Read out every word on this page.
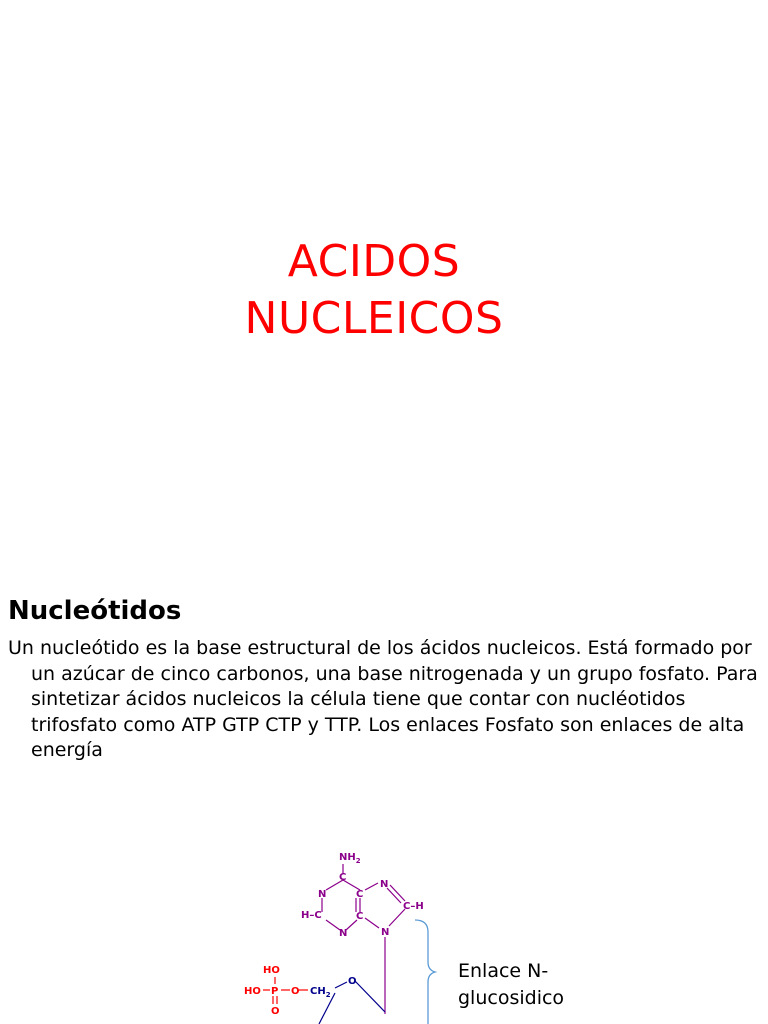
ACIDOS
NUCLEICOS
Nucleótidos
Un nucleótido es la base estructural de los ácidos nucleicos. Está formado por un azúcar de cinco carbonos, una base nitrogenada y un grupo fosfato. Para sintetizar ácidos nucleicos la célula tiene que contar con nucléotidos trifosfato como ATP GTP CTP y TTP. Los enlaces Fosfato son enlaces de alta energía
$NH_2$
C
N	C
N
C–H
H–C	C
N	N
O
$CH_2$
HO
HO P O
O
Enlace N-
glucosidico
